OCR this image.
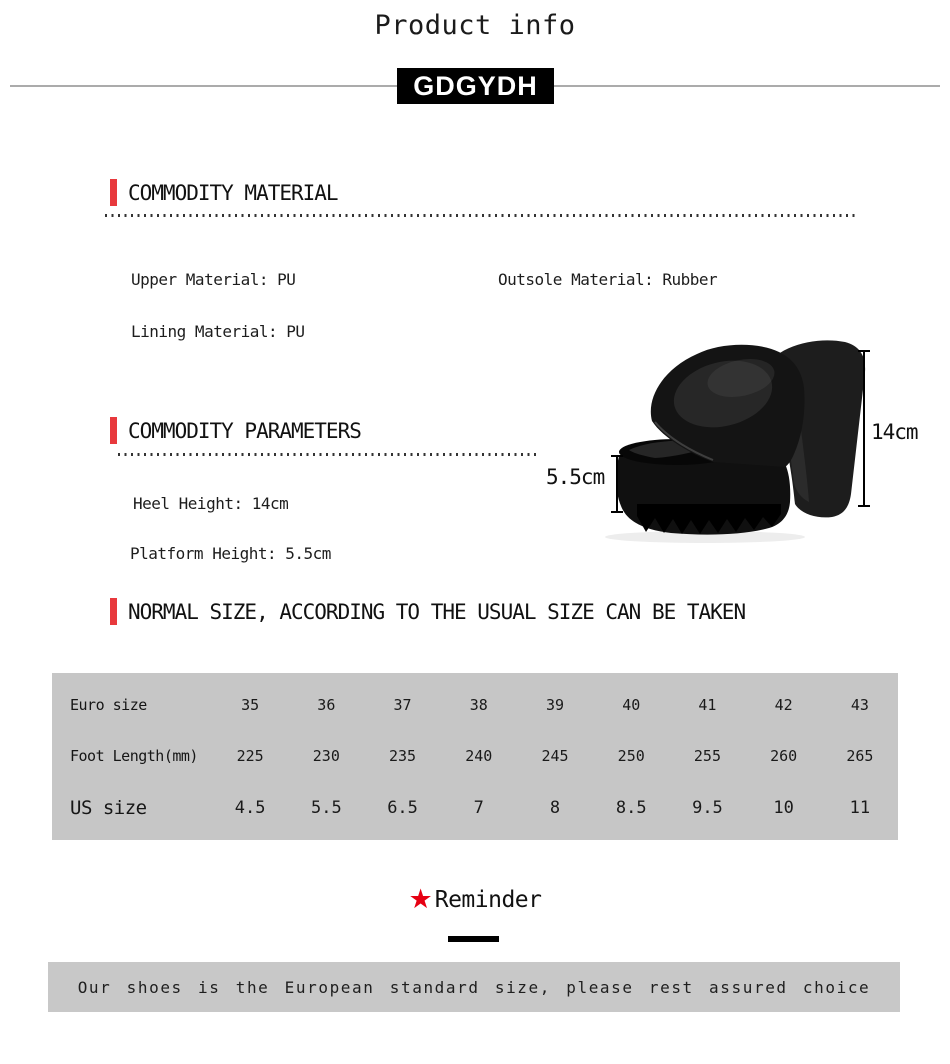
Product info
GDGYDH
COMMODITY MATERIAL
Upper Material: PU	Outsole Material: Rubber
Lining Material: PU
COMMODITY PARAMETERS
Heel Height: 14cm
Platform Height: 5.5cm
5.5cm
14cm
NORMAL SIZE, ACCORDING TO THE USUAL SIZE CAN BE TAKEN
Euro size	35	36	37	38	39	40	41	42	43
Foot Length(mm)	225	230	235	240	245	250	255	260	265
US size	4.5	5.5	6.5	7	8	8.5	9.5	10	11
★ Reminder
Our shoes is the European standard size, please rest assured choice
